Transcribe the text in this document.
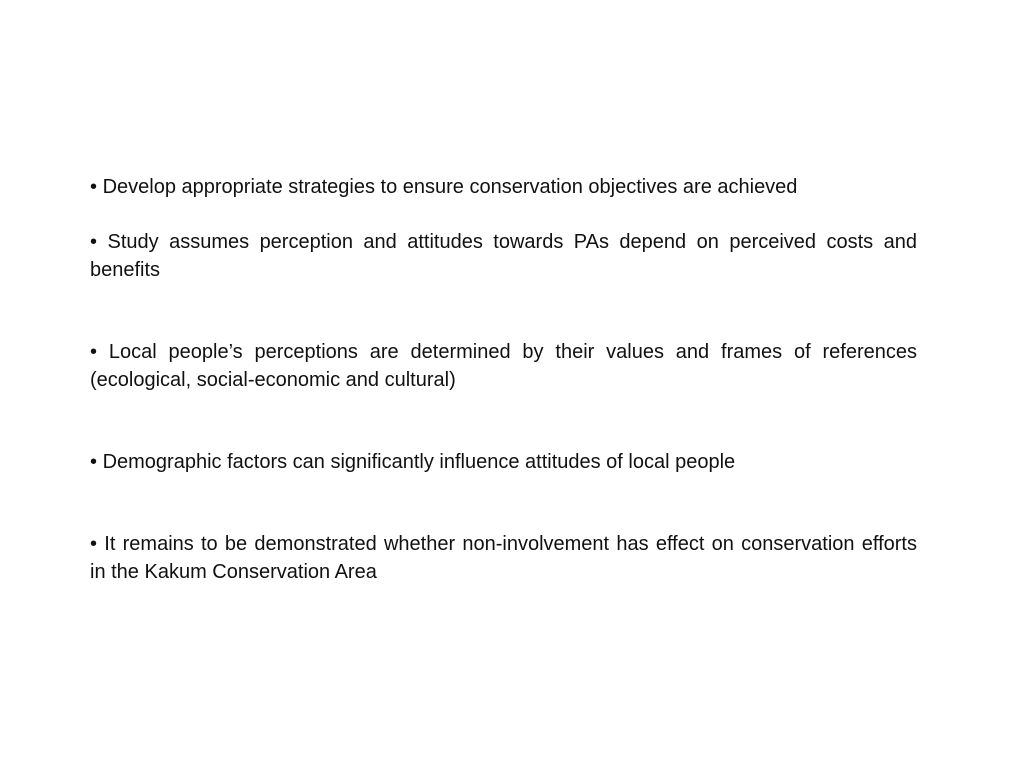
• Develop appropriate strategies to ensure conservation objectives are achieved
• Study assumes perception and attitudes towards PAs depend on perceived costs and benefits
• Local people’s perceptions are determined by their values and frames of references (ecological, social-economic and cultural)
• Demographic factors can significantly influence attitudes of local people
• It remains to be demonstrated whether non-involvement has effect on conservation efforts in the Kakum Conservation Area
